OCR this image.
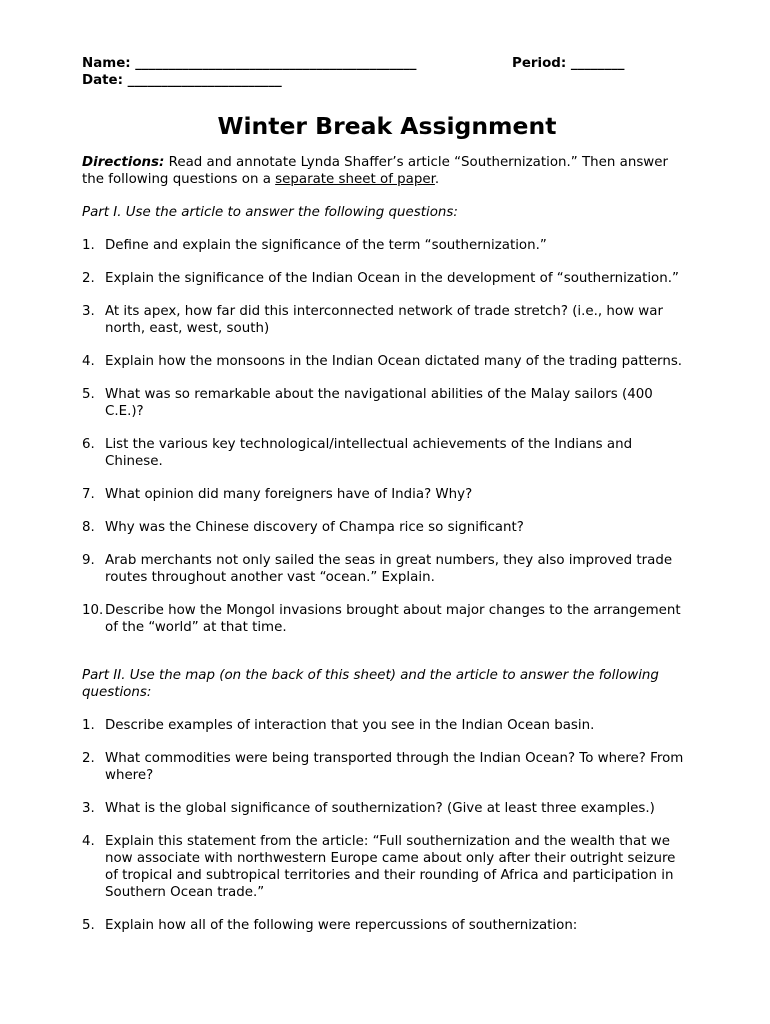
Name: __________________________________________	Period: ________
Date: _______________________
Winter Break Assignment
Directions: Read and annotate Lynda Shaffer’s article “Southernization.” Then answer the following questions on a separate sheet of paper.
Part I. Use the article to answer the following questions:
1. Define and explain the significance of the term “southernization.”
2. Explain the significance of the Indian Ocean in the development of “southernization.”
3. At its apex, how far did this interconnected network of trade stretch? (i.e., how war north, east, west, south)
4. Explain how the monsoons in the Indian Ocean dictated many of the trading patterns.
5. What was so remarkable about the navigational abilities of the Malay sailors (400 C.E.)?
6. List the various key technological/intellectual achievements of the Indians and Chinese.
7. What opinion did many foreigners have of India? Why?
8. Why was the Chinese discovery of Champa rice so significant?
9. Arab merchants not only sailed the seas in great numbers, they also improved trade routes throughout another vast “ocean.” Explain.
10. Describe how the Mongol invasions brought about major changes to the arrangement of the “world” at that time.
Part II. Use the map (on the back of this sheet) and the article to answer the following questions:
1. Describe examples of interaction that you see in the Indian Ocean basin.
2. What commodities were being transported through the Indian Ocean? To where? From where?
3. What is the global significance of southernization? (Give at least three examples.)
4. Explain this statement from the article: “Full southernization and the wealth that we now associate with northwestern Europe came about only after their outright seizure of tropical and subtropical territories and their rounding of Africa and participation in Southern Ocean trade.”
5. Explain how all of the following were repercussions of southernization:
